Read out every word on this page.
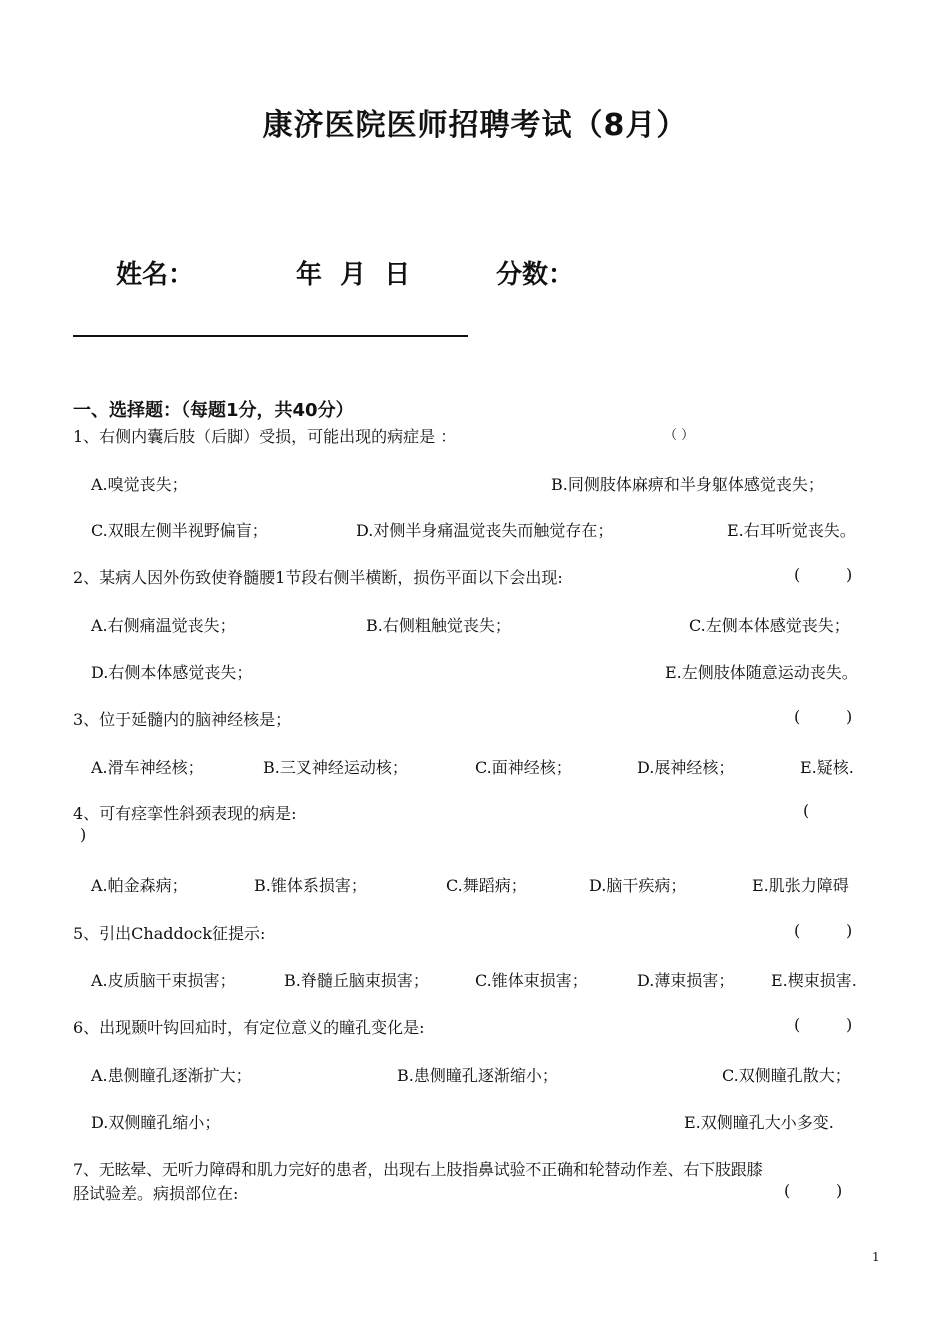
康济医院医师招聘考试（8月）
姓名：	年  月  日	分数：
一、选择题：（每题1分，共40分）
1、右侧内囊后肢（后脚）受损，可能出现的病症是 ：	（ ）
A.嗅觉丧失；	B.同侧肢体麻痹和半身躯体感觉丧失；
C.双眼左侧半视野偏盲；	D.对侧半身痛温觉丧失而触觉存在；	E.右耳听觉丧失。
2、某病人因外伤致使脊髓腰1节段右侧半横断，损伤平面以下会出现:	(         )
A.右侧痛温觉丧失；	B.右侧粗触觉丧失；	C.左侧本体感觉丧失；
D.右侧本体感觉丧失；	E.左侧肢体随意运动丧失。
3、位于延髓内的脑神经核是；	(         )
A.滑车神经核；	B.三叉神经运动核；	C.面神经核；	D.展神经核；	E.疑核.
4、可有痉挛性斜颈表现的病是:	(
)
A.帕金森病；	B.锥体系损害；	C.舞蹈病；	D.脑干疾病；	E.肌张力障碍
5、引出Chaddock征提示:	(         )
A.皮质脑干束损害；	B.脊髓丘脑束损害；	C.锥体束损害；	D.薄束损害； E.楔束损害.
6、出现颞叶钩回疝时，有定位意义的瞳孔变化是:	(         )
A.患侧瞳孔逐渐扩大；	B.患侧瞳孔逐渐缩小；	C.双侧瞳孔散大；
D.双侧瞳孔缩小；	E.双侧瞳孔大小多变.
7、无眩晕、无听力障碍和肌力完好的患者，出现右上肢指鼻试验不正确和轮替动作差、右下肢跟膝
胫试验差。病损部位在:	(         )
1
